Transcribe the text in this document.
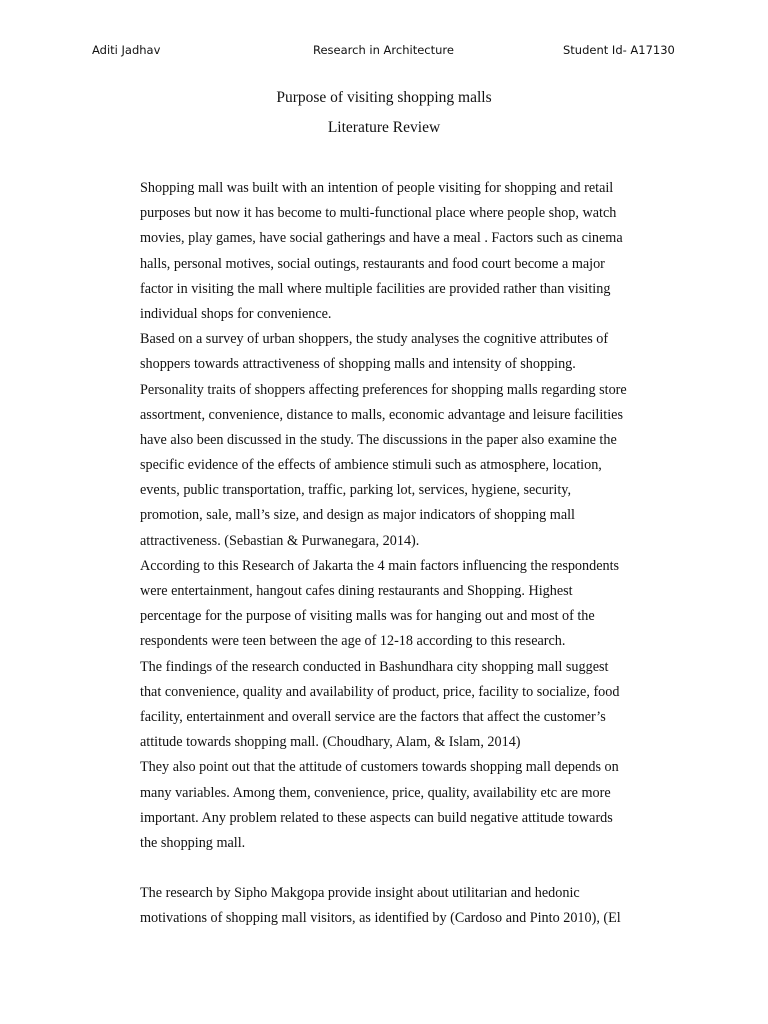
Aditi Jadhav	Research in Architecture	Student Id- A17130
Purpose of visiting shopping malls
Literature Review
Shopping mall was built with an intention of people visiting for shopping and retail
purposes but now it has become to multi-functional place where people shop, watch
movies, play games, have social gatherings and have a meal . Factors such as cinema
halls, personal motives, social outings, restaurants and food court become a major
factor in visiting the mall where multiple facilities are provided rather than visiting
individual shops for convenience.
Based on a survey of urban shoppers, the study analyses the cognitive attributes of
shoppers towards attractiveness of shopping malls and intensity of shopping.
Personality traits of shoppers affecting preferences for shopping malls regarding store
assortment, convenience, distance to malls, economic advantage and leisure facilities
have also been discussed in the study. The discussions in the paper also examine the
specific evidence of the effects of ambience stimuli such as atmosphere, location,
events, public transportation, traffic, parking lot, services, hygiene, security,
promotion, sale, mall’s size, and design as major indicators of shopping mall
attractiveness. (Sebastian & Purwanegara, 2014).
According to this Research of Jakarta the 4 main factors influencing the respondents
were entertainment, hangout cafes dining restaurants and Shopping. Highest
percentage for the purpose of visiting malls was for hanging out and most of the
respondents were teen between the age of 12-18 according to this research.
The findings of the research conducted in Bashundhara city shopping mall suggest
that convenience, quality and availability of product, price, facility to socialize, food
facility, entertainment and overall service are the factors that affect the customer’s
attitude towards shopping mall. (Choudhary, Alam, & Islam, 2014)
They also point out that the attitude of customers towards shopping mall depends on
many variables. Among them, convenience, price, quality, availability etc are more
important. Any problem related to these aspects can build negative attitude towards
the shopping mall.
The research by Sipho Makgopa provide insight about utilitarian and hedonic
motivations of shopping mall visitors, as identified by (Cardoso and Pinto 2010), (El
